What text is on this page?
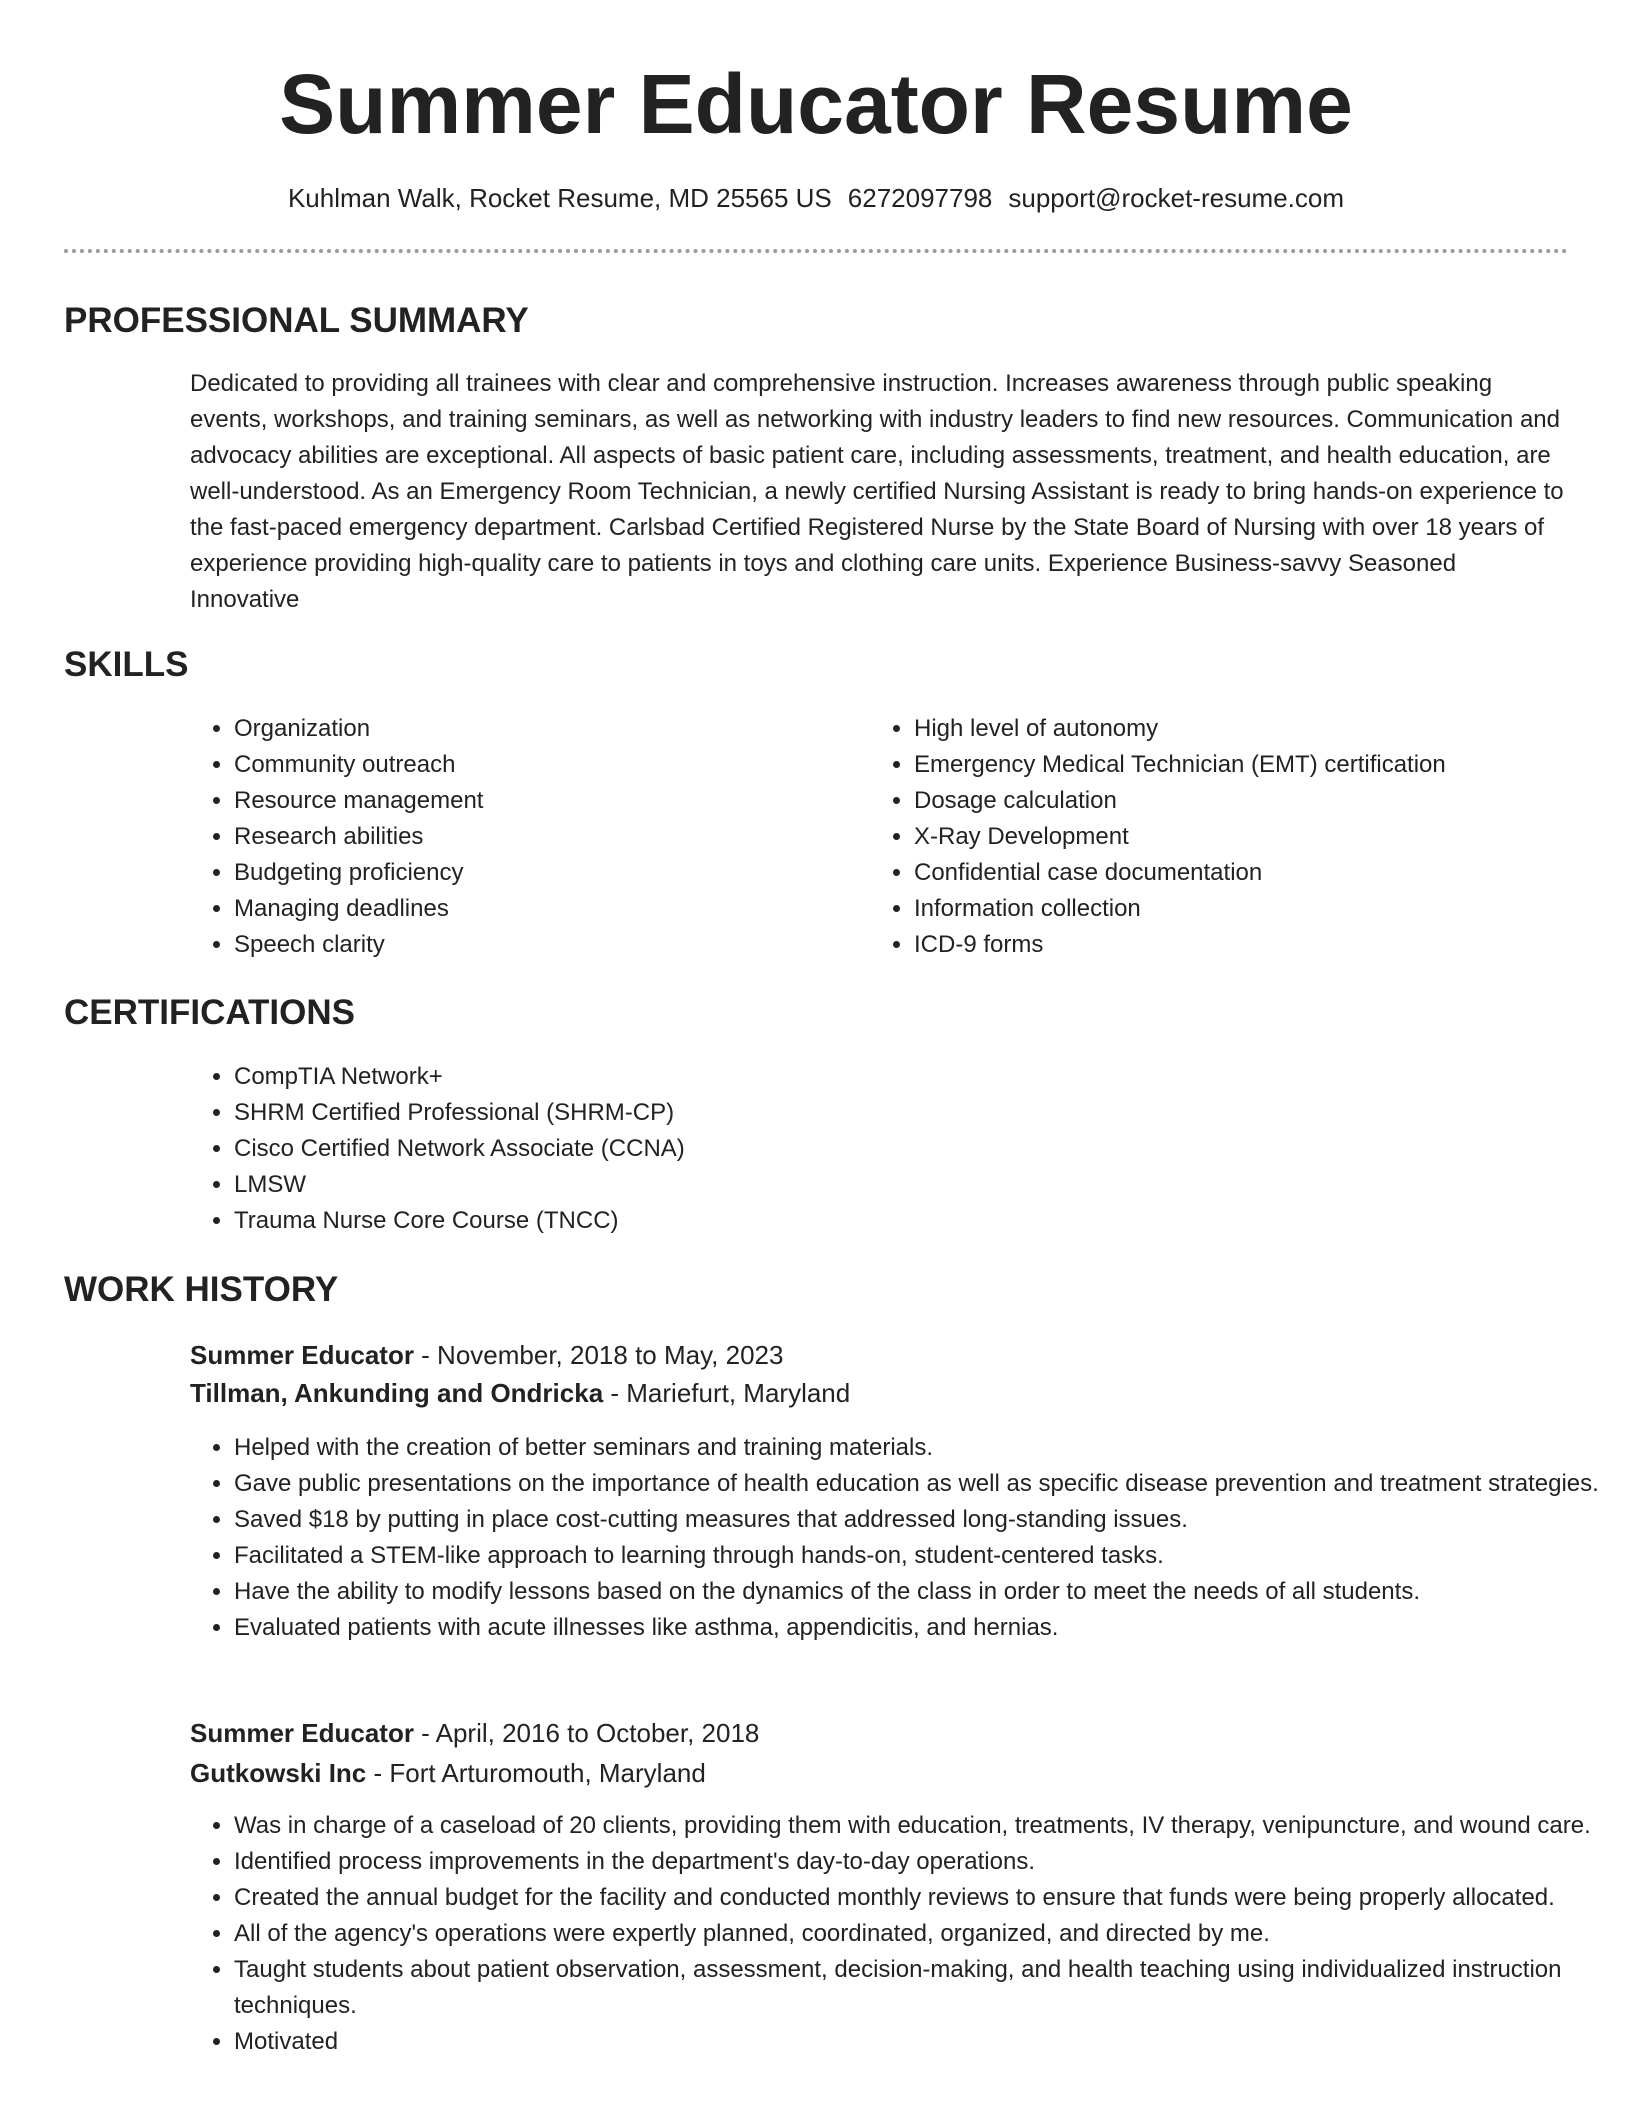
Summer Educator Resume
Kuhlman Walk, Rocket Resume, MD 25565 US 6272097798 support@rocket-resume.com
PROFESSIONAL SUMMARY

Dedicated to providing all trainees with clear and comprehensive instruction. Increases awareness through public speaking events, workshops, and training seminars, as well as networking with industry leaders to find new resources. Communication and advocacy abilities are exceptional. All aspects of basic patient care, including assessments, treatment, and health education, are well-understood. As an Emergency Room Technician, a newly certified Nursing Assistant is ready to bring hands-on experience to the fast-paced emergency department. Carlsbad Certified Registered Nurse by the State Board of Nursing with over 18 years of experience providing high-quality care to patients in toys and clothing care units. Experience Business-savvy Seasoned Innovative

SKILLS
• Organization
• Community outreach
• Resource management
• Research abilities
• Budgeting proficiency
• Managing deadlines
• Speech clarity
• High level of autonomy
• Emergency Medical Technician (EMT) certification
• Dosage calculation
• X-Ray Development
• Confidential case documentation
• Information collection
• ICD-9 forms
CERTIFICATIONS
• CompTIA Network+
• SHRM Certified Professional (SHRM-CP)
• Cisco Certified Network Associate (CCNA)
• LMSW
• Trauma Nurse Core Course (TNCC)
WORK HISTORY
Summer Educator - November, 2018 to May, 2023
Tillman, Ankunding and Ondricka - Mariefurt, Maryland
• Helped with the creation of better seminars and training materials.
• Gave public presentations on the importance of health education as well as specific disease prevention and treatment strategies.
• Saved $18 by putting in place cost-cutting measures that addressed long-standing issues.
• Facilitated a STEM-like approach to learning through hands-on, student-centered tasks.
• Have the ability to modify lessons based on the dynamics of the class in order to meet the needs of all students.
• Evaluated patients with acute illnesses like asthma, appendicitis, and hernias.
Summer Educator - April, 2016 to October, 2018
Gutkowski Inc - Fort Arturomouth, Maryland
• Was in charge of a caseload of 20 clients, providing them with education, treatments, IV therapy, venipuncture, and wound care.
• Identified process improvements in the department's day-to-day operations.
• Created the annual budget for the facility and conducted monthly reviews to ensure that funds were being properly allocated.
• All of the agency's operations were expertly planned, coordinated, organized, and directed by me.
• Taught students about patient observation, assessment, decision-making, and health teaching using individualized instruction techniques.
• Motivated
